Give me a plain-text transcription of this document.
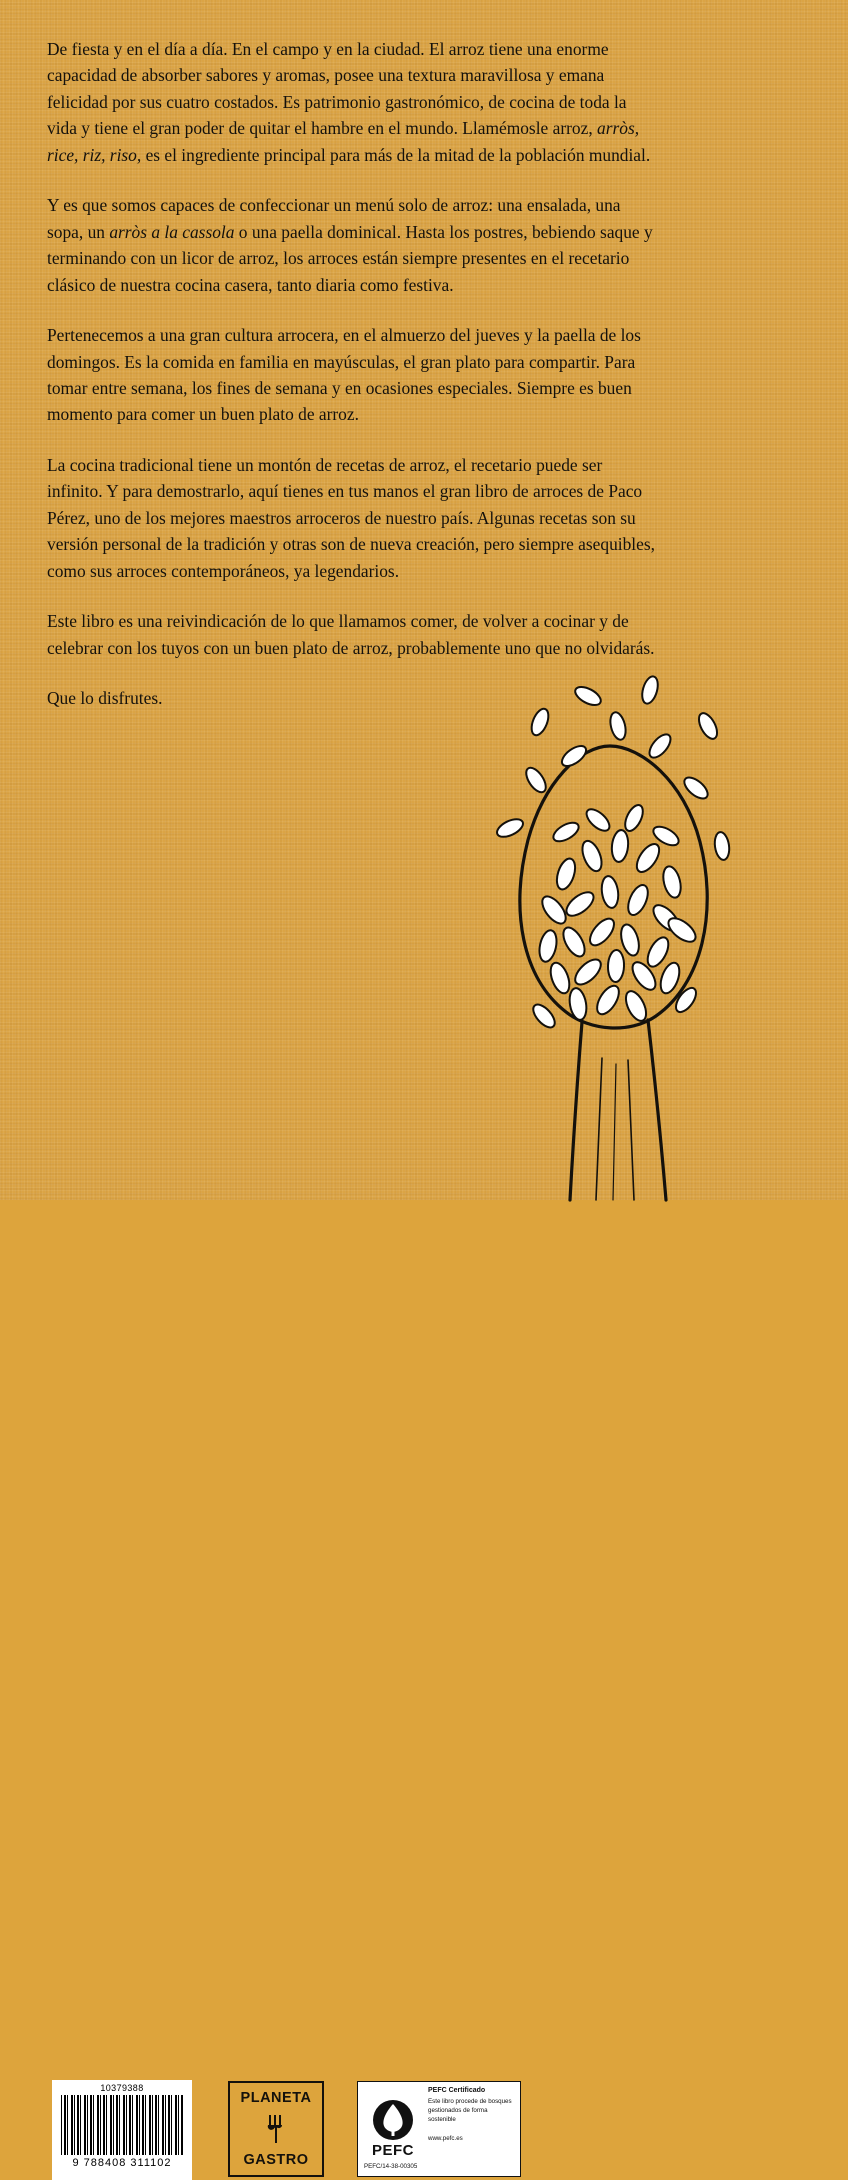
De fiesta y en el día a día. En el campo y en la ciudad. El arroz tiene una enorme capacidad de absorber sabores y aromas, posee una textura maravillosa y emana felicidad por sus cuatro costados. Es patrimonio gastronómico, de cocina de toda la vida y tiene el gran poder de quitar el hambre en el mundo. Llamémosle arroz, arròs, rice, riz, riso, es el ingrediente principal para más de la mitad de la población mundial.

Y es que somos capaces de confeccionar un menú solo de arroz: una ensalada, una sopa, un arròs a la cassola o una paella dominical. Hasta los postres, bebiendo saque y terminando con un licor de arroz, los arroces están siempre presentes en el recetario clásico de nuestra cocina casera, tanto diaria como festiva.

Pertenecemos a una gran cultura arrocera, en el almuerzo del jueves y la paella de los domingos. Es la comida en familia en mayúsculas, el gran plato para compartir. Para tomar entre semana, los fines de semana y en ocasiones especiales. Siempre es buen momento para comer un buen plato de arroz.

La cocina tradicional tiene un montón de recetas de arroz, el recetario puede ser infinito. Y para demostrarlo, aquí tienes en tus manos el gran libro de arroces de Paco Pérez, uno de los mejores maestros arroceros de nuestro país. Algunas recetas son su versión personal de la tradición y otras son de nueva creación, pero siempre asequibles, como sus arroces contemporáneos, ya legendarios.

Este libro es una reivindicación de lo que llamamos comer, de volver a cocinar y de celebrar con los tuyos con un buen plato de arroz, probablemente uno que no olvidarás.

Que lo disfrutes.

10379388
9 788408 311102
PLANETA
GASTRO
PEFC
PEFC Certificado
Este libro procede de bosques gestionados de forma sostenible
www.pefc.es
PEFC/14-38-00305
